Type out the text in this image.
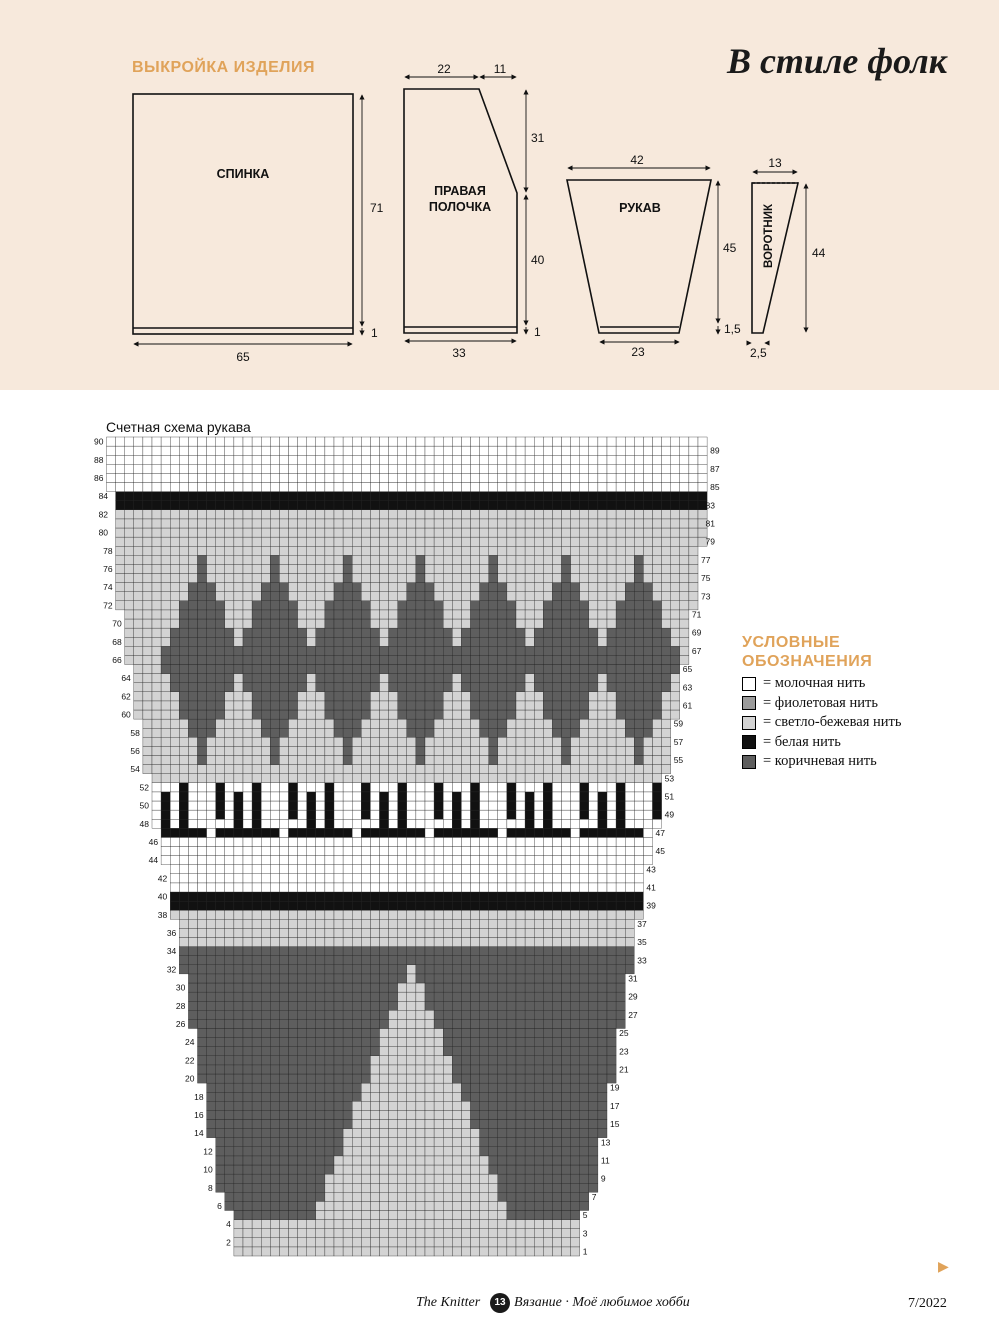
ВЫКРОЙКА ИЗДЕЛИЯ	В стиле фолк
СПИНКА
71
1
65
ПРАВАЯ
ПОЛОЧКА
22	11
31
40
1
33
РУКАВ
42
45
1,5
23
ВОРОТНИК
13
44
2,5
Счетная схема рукава
1
2
3
4
5
6
7
8
9
10
11
12
13
14
15
16
17
18
19
20
21
22
23
24
25
26
27
28
29
30
31
32
33
34
35
36
37
38
39
40
41
42
43
44
45
46
47
48
49
50
51
52
53
54
55
56
57
58
59
60
61
62
63
64
65
66
67
68
69
70
71
72
73
74
75
76
77
78
79
80
81
82
83
84
85
86
87
88
89
90
УСЛОВНЫЕ
ОБОЗНАЧЕНИЯ
= молочная нить
= фиолетовая нить
= светло-бежевая нить
= белая нить
= коричневая нить
▶
The Knitter	13 Вязание · Моё любимое хобби	7/2022
